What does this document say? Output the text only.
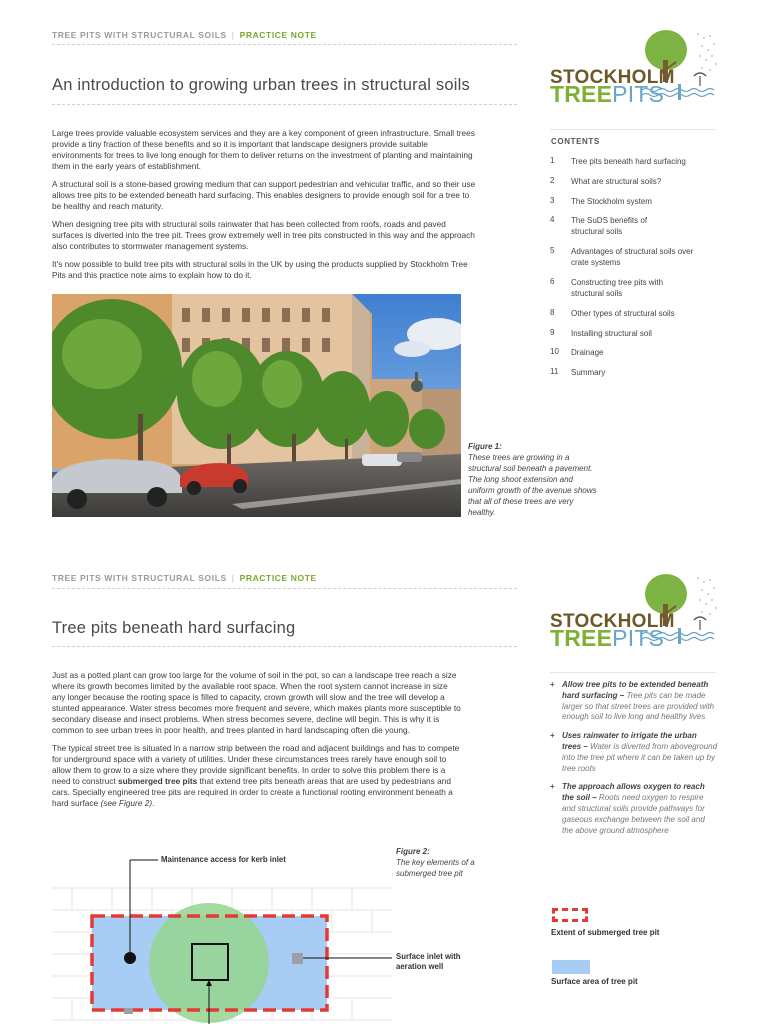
TREE PITS WITH STRUCTURAL SOILS | PRACTICE NOTE
An introduction to growing urban trees in structural soils

Large trees provide valuable ecosystem services and they are a key component of green infrastructure. Small trees provide a tiny fraction of these benefits and so it is important that landscape designers provide suitable environments for trees to live long enough for them to deliver returns on the investment of planting and maintaining them in the early years of establishment.

A structural soil is a stone-based growing medium that can support pedestrian and vehicular traffic, and so their use allows tree pits to be extended beneath hard surfacing. This enables designers to provide enough soil for a tree to be healthy and reach maturity.

When designing tree pits with structural soils rainwater that has been collected from roofs, roads and paved surfaces is diverted into the tree pit. Trees grow extremely well in tree pits constructed in this way and the approach also contributes to stormwater management systems.

It's now possible to build tree pits with structural soils in the UK by using the products supplied by Stockholm Tree Pits and this practice note aims to explain how to do it.

STOCKHOLM
TREEPITS
CONTENTS
1	Tree pits beneath hard surfacing
2	What are structural soils?
3	The Stockholm system
4	The SuDS benefits of structural soils
5	Advantages of structural soils over crate systems
6	Constructing tree pits with structural soils
8	Other types of structural soils
9	Installing structural soil
10	Drainage
11	Summary
Figure 1:
These trees are growing in a structural soil beneath a pavement. The long shoot extension and uniform growth of the avenue shows that all of these trees are very healthy.
TREE PITS WITH STRUCTURAL SOILS | PRACTICE NOTE
Tree pits beneath hard surfacing	STOCKHOLM
TREEPITS

Just as a potted plant can grow too large for the volume of soil in the pot, so can a landscape tree reach a size where its growth becomes limited by the available root space. When the root system cannot increase in size any longer because the rooting space is filled to capacity, crown growth will slow and the tree will develop a stunted appearance. Water stress becomes more frequent and severe, which makes plants more susceptible to secondary disease and insect problems. When stress becomes severe, decline will begin. This is why it is common to see urban trees in poor health, and trees planted in hard landscaping often die young.

The typical street tree is situated in a narrow strip between the road and adjacent buildings and has to compete for underground space with a variety of utilities. Under these circumstances trees rarely have enough soil to allow them to grow to a size where they provide significant benefits. In order to solve this problem there is a need to construct submerged tree pits that extend tree pits beneath areas that are used by pedestrians and cars. Specially engineered tree pits are required in order to create a functional rooting environment beneath a hard surface (see Figure 2).

+ Allow tree pits to be extended beneath hard surfacing – Tree pits can be made larger so that street trees are provided with enough soil to live long and healthy lives
+ Uses rainwater to irrigate the urban trees – Water is diverted from aboveground into the tree pit where it can be taken up by tree roots
+ The approach allows oxygen to reach the soil – Roots need oxygen to respire and structural soils provide pathways for gaseous exchange between the soil and the above ground atmosphere
Maintenance access for kerb inlet
Surface inlet with
aeration well
Figure 2:
The key elements of a submerged tree pit
Extent of submerged tree pit
Surface area of tree pit
